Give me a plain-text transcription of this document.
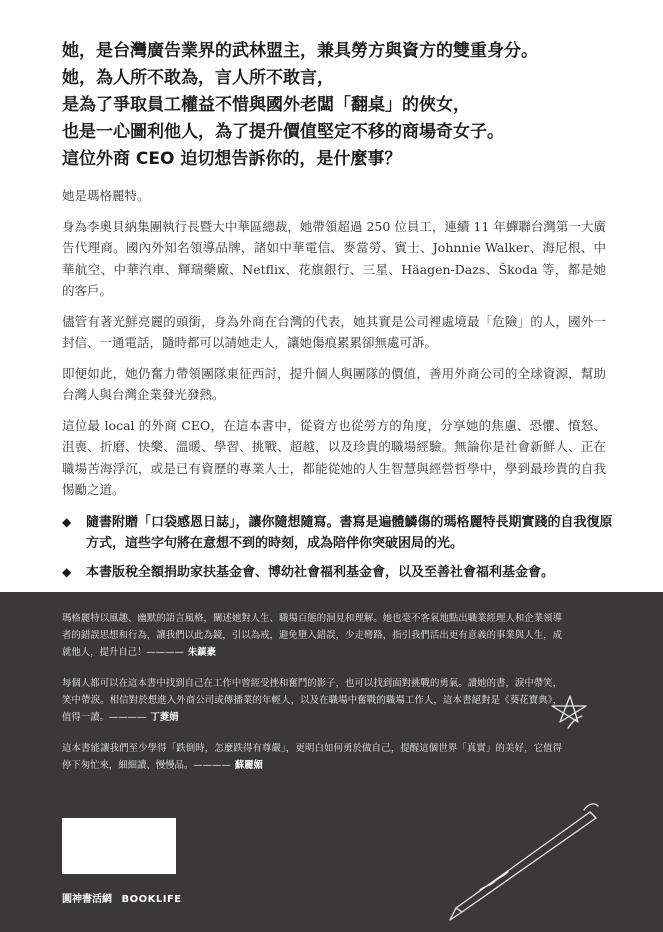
她，是台灣廣告業界的武林盟主，兼具勞方與資方的雙重身分。
她，為人所不敢為，言人所不敢言，
是為了爭取員工權益不惜與國外老闆「翻桌」的俠女，
也是一心圖利他人，為了提升價值堅定不移的商場奇女子。
這位外商 CEO 迫切想告訴你的，是什麼事？

她是瑪格麗特。

身為李奧貝納集團執行長暨大中華區總裁，她帶領超過 250 位員工，連續 11 年蟬聯台灣第一大廣告代理商。國內外知名領導品牌，諸如中華電信、麥當勞、賓士、Johnnie Walker、海尼根、中華航空、中華汽車、輝瑞藥廠、Netflix、花旗銀行、三星、Häagen-Dazs、Škoda 等，都是她的客戶。

儘管有著光鮮亮麗的頭銜，身為外商在台灣的代表，她其實是公司裡處境最「危險」的人，國外一封信、一通電話，隨時都可以請她走人，讓她傷痕累累卻無處可訴。

即便如此，她仍奮力帶領團隊東征西討，提升個人與團隊的價值，善用外商公司的全球資源，幫助台灣人與台灣企業發光發熱。

這位最 local 的外商 CEO，在這本書中，從資方也從勞方的角度，分享她的焦慮、恐懼、憤怒、沮喪、折磨、快樂、溫暖、學習、挑戰、超越，以及珍貴的職場經驗。無論你是社會新鮮人、正在職場苦海浮沉，或是已有資歷的專業人士，都能從她的人生智慧與經營哲學中，學到最珍貴的自我惕勵之道。

◆	隨書附贈「口袋感恩日誌」，讓你隨想隨寫。書寫是遍體鱗傷的瑪格麗特長期實踐的自我復原方式，這些字句將在意想不到的時刻，成為陪伴你突破困局的光。
◆	本書版稅全額捐助家扶基金會、博幼社會福利基金會，以及至善社會福利基金會。
瑪格麗特以風趣、幽默的語言風格，闡述她對人生、職場百態的洞見和理解。她也毫不客氣地點出職業經理人和企業領導者的錯誤思想和行為，讓我們以此為鏡，引以為戒，避免墮入錯誤，少走彎路，指引我們活出更有意義的事業與人生，成就他人，提升自己！———— 朱鎮豪
每個人都可以在這本書中找到自己在工作中曾經受挫和奮鬥的影子，也可以找到面對挑戰的勇氣。讀她的書，淚中帶笑，笑中帶淚。相信對於想進入外商公司或傳播業的年輕人，以及在職場中奮戰的職場工作人，這本書絕對是《葵花寶典》，值得一讀。———— 丁菱娟
這本書能讓我們至少學得「跌倒時，怎麼跌得有尊嚴」，更明白如何勇於做自己，提醒這個世界「真實」的美好，它值得停下匆忙來，細細讀、慢慢品。———— 蘇麗媚
圓神書活網 BOOKLIFE
